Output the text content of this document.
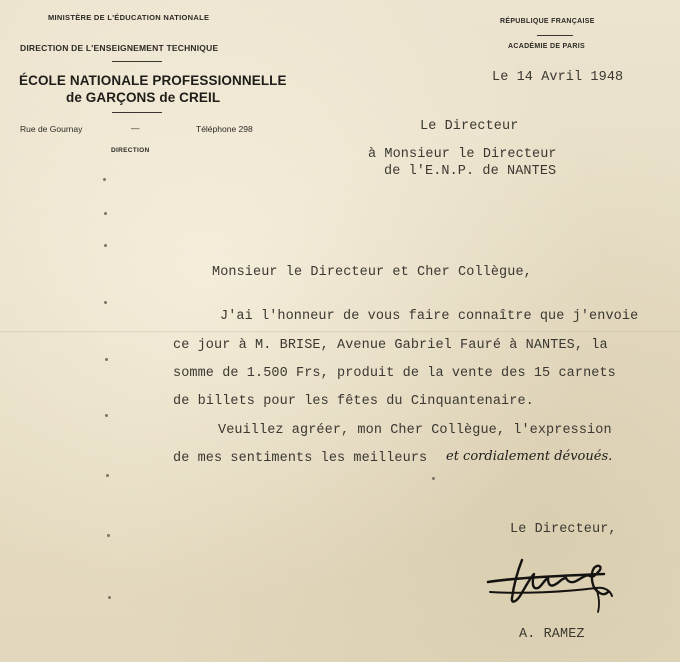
MINISTÈRE DE L'ÉDUCATION NATIONALE
DIRECTION DE L'ENSEIGNEMENT TECHNIQUE
ÉCOLE NATIONALE PROFESSIONNELLE
de GARÇONS de CREIL
Rue de Gournay	—	Téléphone 298
DIRECTION
RÉPUBLIQUE FRANÇAISE
ACADÉMIE DE PARIS
Le 14 Avril 1948
Le Directeur
à Monsieur le Directeur
de l'E.N.P. de NANTES
Monsieur le Directeur et Cher Collègue,
J'ai l'honneur de vous faire connaître que j'envoie
ce jour à M. BRISE, Avenue Gabriel Fauré à NANTES, la
somme de 1.500 Frs, produit de la vente des 15 carnets
de billets pour les fêtes du Cinquantenaire.
Veuillez agréer, mon Cher Collègue, l'expression
de mes sentiments les meilleurs et cordialement dévoués.
Le Directeur,
A. RAMEZ
